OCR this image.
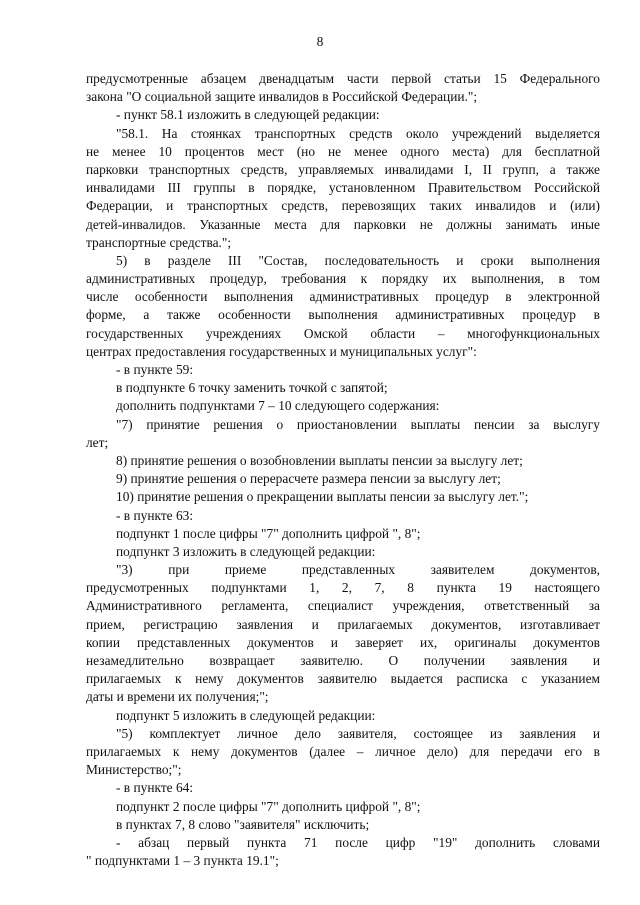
8
предусмотренные абзацем двенадцатым части первой статьи 15 Федерального
закона "О социальной защите инвалидов в Российской Федерации.";
- пункт 58.1 изложить в следующей редакции:
"58.1. На стоянках транспортных средств около учреждений выделяется
не менее 10 процентов мест (но не менее одного места) для бесплатной
парковки транспортных средств, управляемых инвалидами I, II групп, а также
инвалидами III группы в порядке, установленном Правительством Российской
Федерации, и транспортных средств, перевозящих таких инвалидов и (или)
детей-инвалидов. Указанные места для парковки не должны занимать иные
транспортные средства.";
5) в разделе III "Состав, последовательность и сроки выполнения
административных процедур, требования к порядку их выполнения, в том
числе особенности выполнения административных процедур в электронной
форме, а также особенности выполнения административных процедур в
государственных учреждениях Омской области – многофункциональных
центрах предоставления государственных и муниципальных услуг":
- в пункте 59:
в подпункте 6 точку заменить точкой с запятой;
дополнить подпунктами 7 – 10 следующего содержания:
"7) принятие решения о приостановлении выплаты пенсии за выслугу
лет;
8) принятие решения о возобновлении выплаты пенсии за выслугу лет;
9) принятие решения о перерасчете размера пенсии за выслугу лет;
10) принятие решения о прекращении выплаты пенсии за выслугу лет.";
- в пункте 63:
подпункт 1 после цифры "7" дополнить цифрой ", 8";
подпункт 3 изложить в следующей редакции:
"3) при приеме представленных заявителем документов,
предусмотренных подпунктами 1, 2, 7, 8 пункта 19 настоящего
Административного регламента, специалист учреждения, ответственный за
прием, регистрацию заявления и прилагаемых документов, изготавливает
копии представленных документов и заверяет их, оригиналы документов
незамедлительно возвращает заявителю. О получении заявления и
прилагаемых к нему документов заявителю выдается расписка с указанием
даты и времени их получения;";
подпункт 5 изложить в следующей редакции:
"5) комплектует личное дело заявителя, состоящее из заявления и
прилагаемых к нему документов (далее – личное дело) для передачи его в
Министерство;";
- в пункте 64:
подпункт 2 после цифры "7" дополнить цифрой ", 8";
в пунктах 7, 8 слово "заявителя" исключить;
- абзац первый пункта 71 после цифр "19" дополнить словами
" подпунктами 1 – 3 пункта 19.1";
